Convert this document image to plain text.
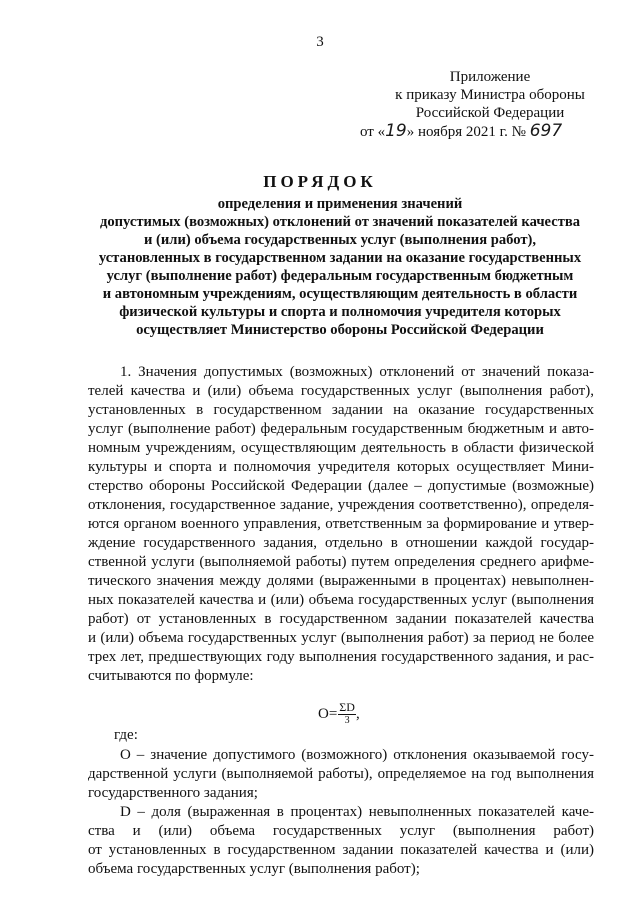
3
Приложение
к приказу Министра обороны
Российской Федерации
от «19» ноября 2021 г. № 697
ПОРЯДОК
определения и применения значений
допустимых (возможных) отклонений от значений показателей качества
и (или) объема государственных услуг (выполнения работ),
установленных в государственном задании на оказание государственных
услуг (выполнение работ) федеральным государственным бюджетным
и автономным учреждениям, осуществляющим деятельность в области
физической культуры и спорта и полномочия учредителя которых
осуществляет Министерство обороны Российской Федерации
1. Значения допустимых (возможных) отклонений от значений показа-
телей качества и (или) объема государственных услуг (выполнения работ),
установленных в государственном задании на оказание государственных
услуг (выполнение работ) федеральным государственным бюджетным и авто-
номным учреждениям, осуществляющим деятельность в области физической
культуры и спорта и полномочия учредителя которых осуществляет Мини-
стерство обороны Российской Федерации (далее – допустимые (возможные)
отклонения, государственное задание, учреждения соответственно), определя-
ются органом военного управления, ответственным за формирование и утвер-
ждение государственного задания, отдельно в отношении каждой государ-
ственной услуги (выполняемой работы) путем определения среднего арифме-
тического значения между долями (выраженными в процентах) невыполнен-
ных показателей качества и (или) объема государственных услуг (выполнения
работ) от установленных в государственном задании показателей качества
и (или) объема государственных услуг (выполнения работ) за период не более
трех лет, предшествующих году выполнения государственного задания, и рас-
считываются по формуле:
$O= \frac{\Sigma D}{3}$ ,
где:
O – значение допустимого (возможного) отклонения оказываемой госу-
дарственной услуги (выполняемой работы), определяемое на год выполнения
государственного задания;
D – доля (выраженная в процентах) невыполненных показателей каче-
ства и (или) объема государственных услуг (выполнения работ)
от установленных в государственном задании показателей качества и (или)
объема государственных услуг (выполнения работ);
